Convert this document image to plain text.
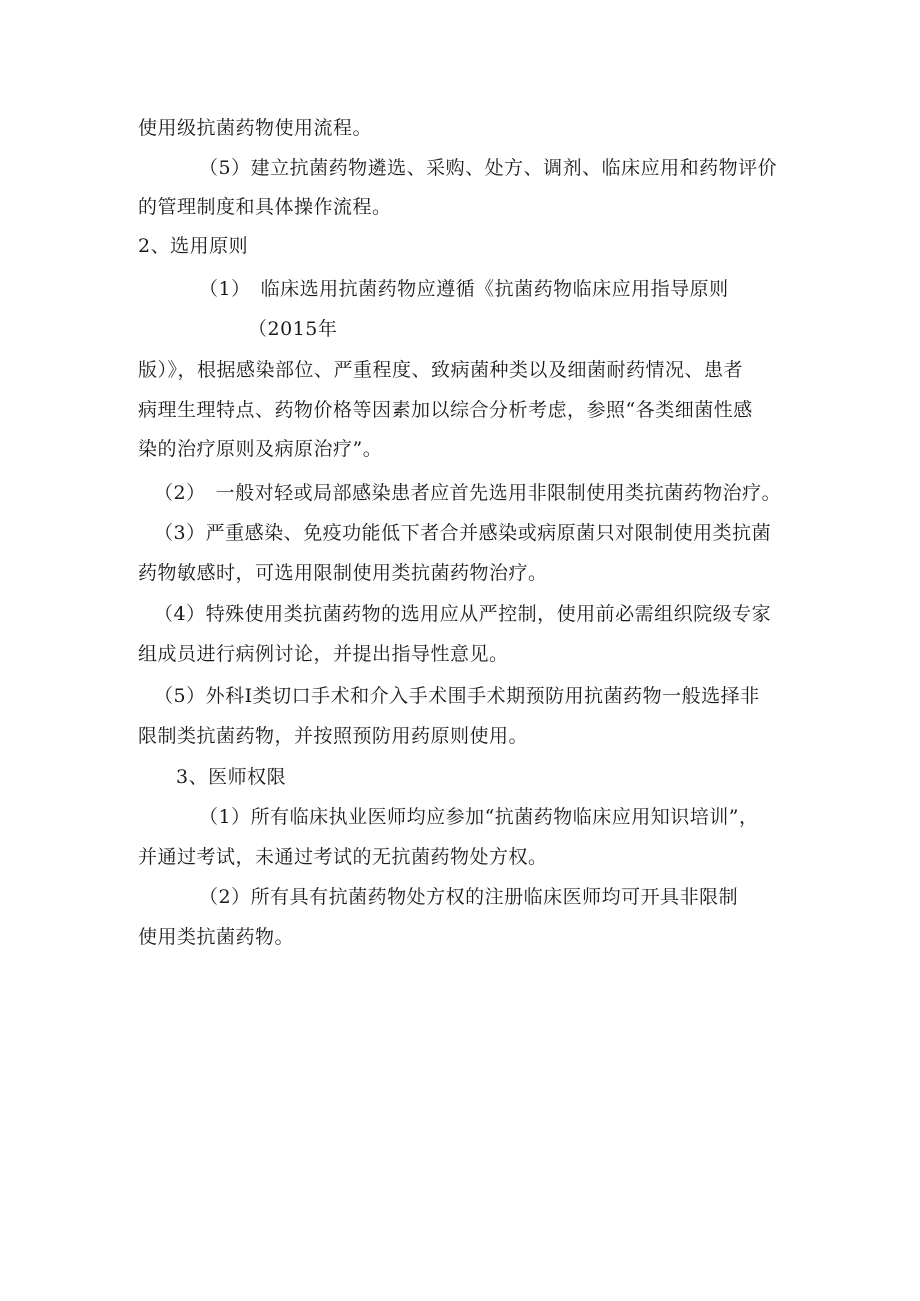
使用级抗菌药物使用流程。
（5）建立抗菌药物遴选、采购、处方、调剂、临床应用和药物评价
的管理制度和具体操作流程。
2、选用原则
（1）　临床选用抗菌药物应遵循《抗菌药物临床应用指导原则
（2015年
版）》，根据感染部位、严重程度、致病菌种类以及细菌耐药情况、患者
病理生理特点、药物价格等因素加以综合分析考虑，参照“各类细菌性感
染的治疗原则及病原治疗”。
（2）　一般对轻或局部感染患者应首先选用非限制使用类抗菌药物治疗。
（3）严重感染、免疫功能低下者合并感染或病原菌只对限制使用类抗菌
药物敏感时，可选用限制使用类抗菌药物治疗。
（4）特殊使用类抗菌药物的选用应从严控制，使用前必需组织院级专家
组成员进行病例讨论，并提出指导性意见。
（5）外科Ⅰ类切口手术和介入手术围手术期预防用抗菌药物一般选择非
限制类抗菌药物，并按照预防用药原则使用。
3、医师权限
（1）所有临床执业医师均应参加“抗菌药物临床应用知识培训”，
并通过考试，未通过考试的无抗菌药物处方权。
（2）所有具有抗菌药物处方权的注册临床医师均可开具非限制
使用类抗菌药物。
